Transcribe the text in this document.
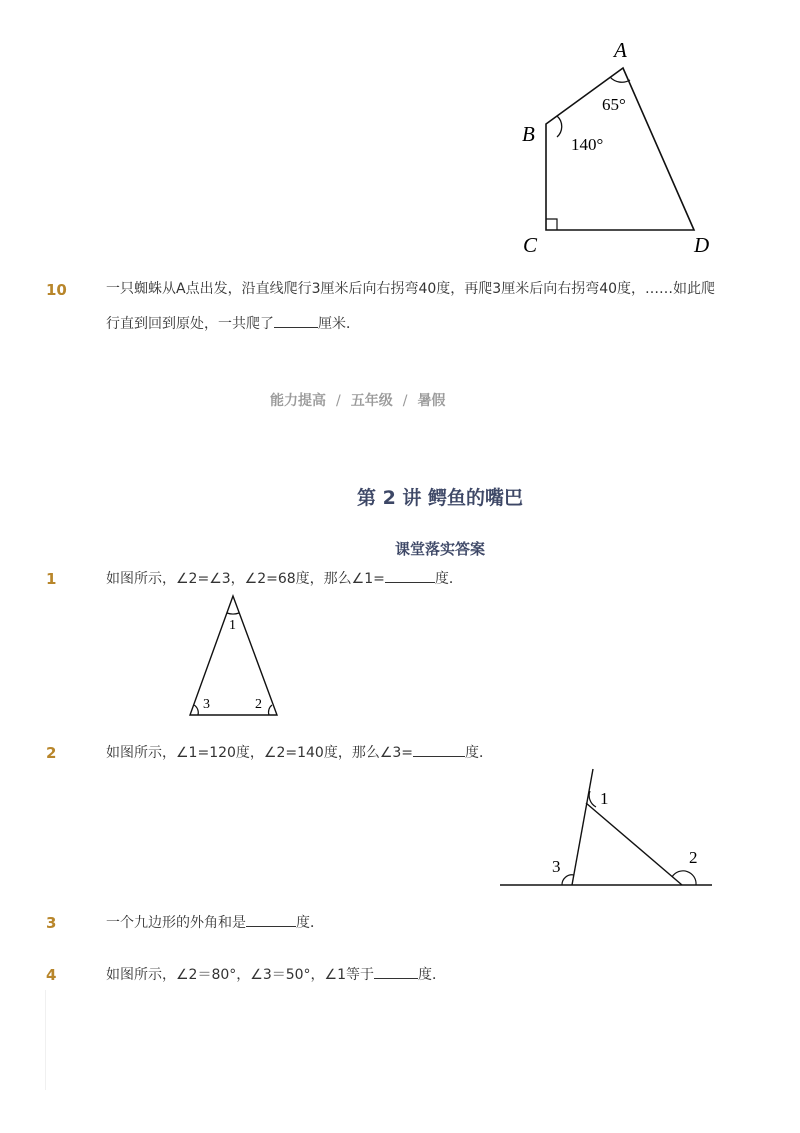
A
B
C	D
65°
140°
10	一只蜘蛛从A点出发，沿直线爬行3厘米后向右拐弯40度，再爬3厘米后向右拐弯40度，……如此爬
行直到回到原处，一共爬了	厘米．
能力提高 / 五年级 / 暑假
第 2 讲 鳄鱼的嘴巴
课堂落实答案
1	如图所示，∠2=∠3，∠2=68度，那么∠1=	度．
1
3	2
2	如图所示，∠1=120度，∠2=140度，那么∠3=	度．
1
3	2
3	一个九边形的外角和是	度．
4	如图所示，∠2＝80°，∠3＝50°，∠1等于	度．
